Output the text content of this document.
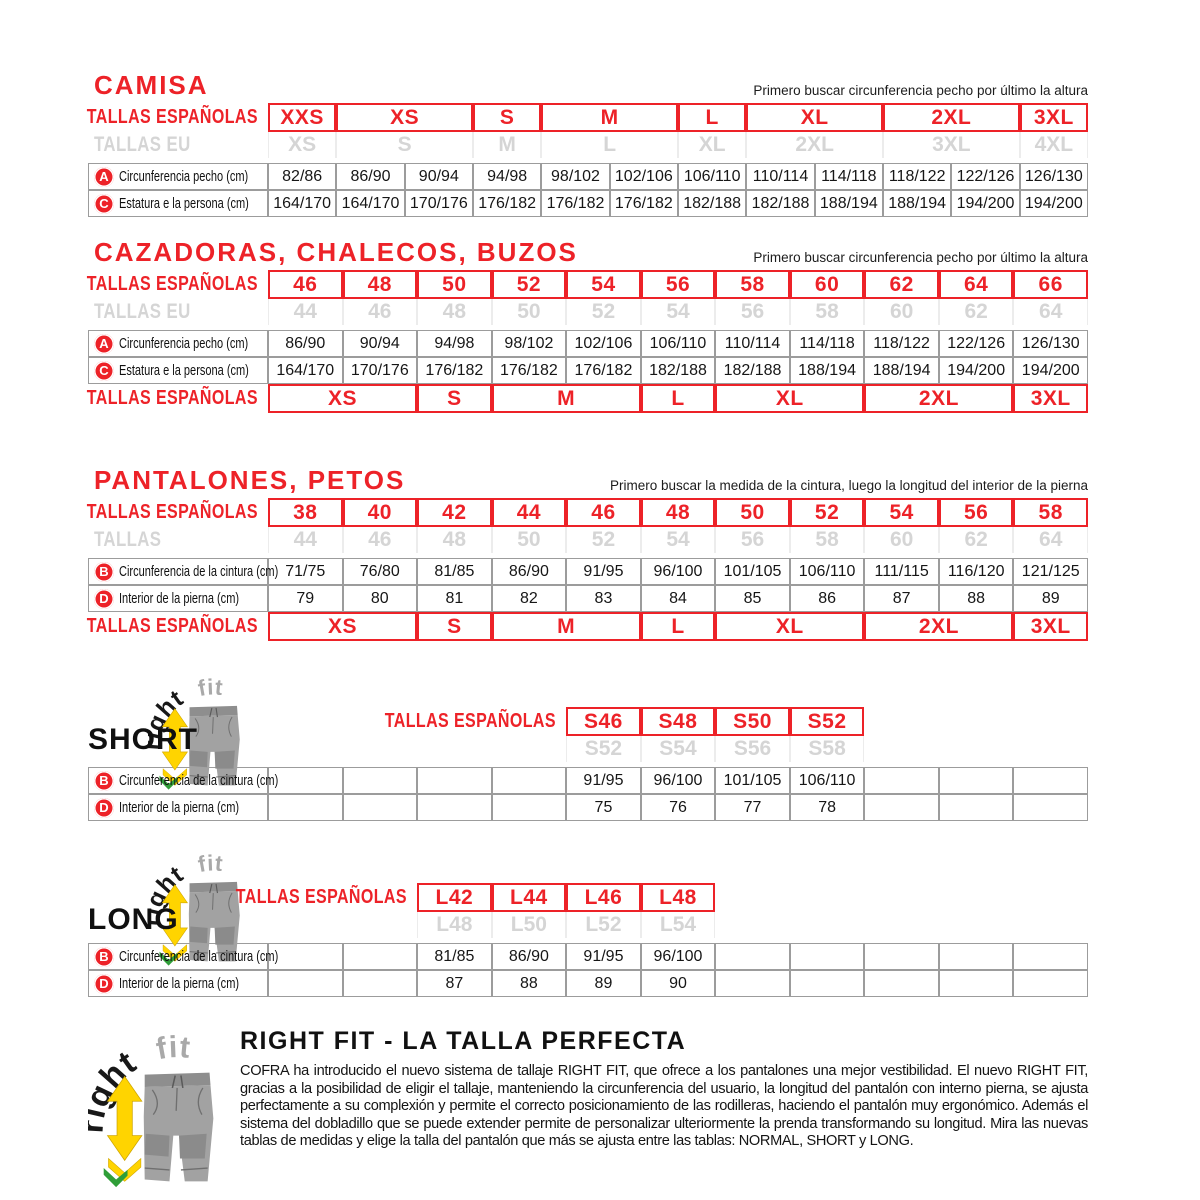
CAMISA	Primero buscar circunferencia pecho por último la altura
TALLAS ESPAÑOLAS	XXS	XS	S	M	L	XL	2XL	3XL
TALLAS EU	XS	S	M	L	XL	2XL	3XL	4XL
A Circunferencia pecho (cm)	82/86	86/90	90/94	94/98	98/102 102/106 106/110 110/114 114/118 118/122 122/126 126/130
C Estatura e la persona (cm)	164/170 164/170 170/176 176/182 176/182 176/182 182/188 182/188 188/194 188/194 194/200 194/200
CAZADORAS, CHALECOS, BUZOS	Primero buscar circunferencia pecho por último la altura
TALLAS ESPAÑOLAS	46	48	50	52	54	56	58	60	62	64	66
TALLAS EU	44	46	48	50	52	54	56	58	60	62	64
A Circunferencia pecho (cm)	86/90	90/94	94/98	98/102	102/106	106/110	110/114	114/118	118/122	122/126	126/130
C Estatura e la persona (cm)	164/170	170/176	176/182	176/182	176/182	182/188	182/188	188/194	188/194	194/200	194/200
TALLAS ESPAÑOLAS	XS	S	M	L	XL	2XL	3XL
PANTALONES, PETOS	Primero buscar la medida de la cintura, luego la longitud del interior de la pierna
TALLAS ESPAÑOLAS	38	40	42	44	46	48	50	52	54	56	58
TALLAS	44	46	48	50	52	54	56	58	60	62	64
B Circunferencia de la cintura (cm) 71/75	76/80	81/85	86/90	91/95	96/100	101/105	106/110	111/115	116/120	121/125
D Interior de la pierna (cm)	79	80	81	82	83	84	85	86	87	88	89
TALLAS ESPAÑOLAS	XS	S	M	L	XL	2XL	3XL
SHORT
TALLAS ESPAÑOLAS	S46	S48	S50	S52
S52	S54	S56	S58
B Circunferencia de la cintura (cm)	91/95	96/100	101/105	106/110
D Interior de la pierna (cm)	75	76	77	78
LONG
TALLAS ESPAÑOLAS	L42	L44	L46	L48
L48	L50	L52	L54
B Circunferencia de la cintura (cm)	81/85	86/90	91/95	96/100
D Interior de la pierna (cm)	87	88	89	90
RIGHT FIT - LA TALLA PERFECTA

COFRA ha introducido el nuevo sistema de tallaje RIGHT FIT, que ofrece a los pantalones una mejor vestibilidad. El nuevo RIGHT FIT, gracias a la posibilidad de eligir el tallaje, manteniendo la circunferencia del usuario, la longitud del pantalón con interno pierna, se ajusta perfectamente a su complexión y permite el correcto posicionamiento de las rodilleras, haciendo el pantalón muy ergonómico. Además el sistema del dobladillo que se puede extender permite de personalizar ulteriormente la prenda transformando su longitud. Mira las nuevas tablas de medidas y elige la talla del pantalón que más se ajusta entre las tablas: NORMAL, SHORT y LONG.
